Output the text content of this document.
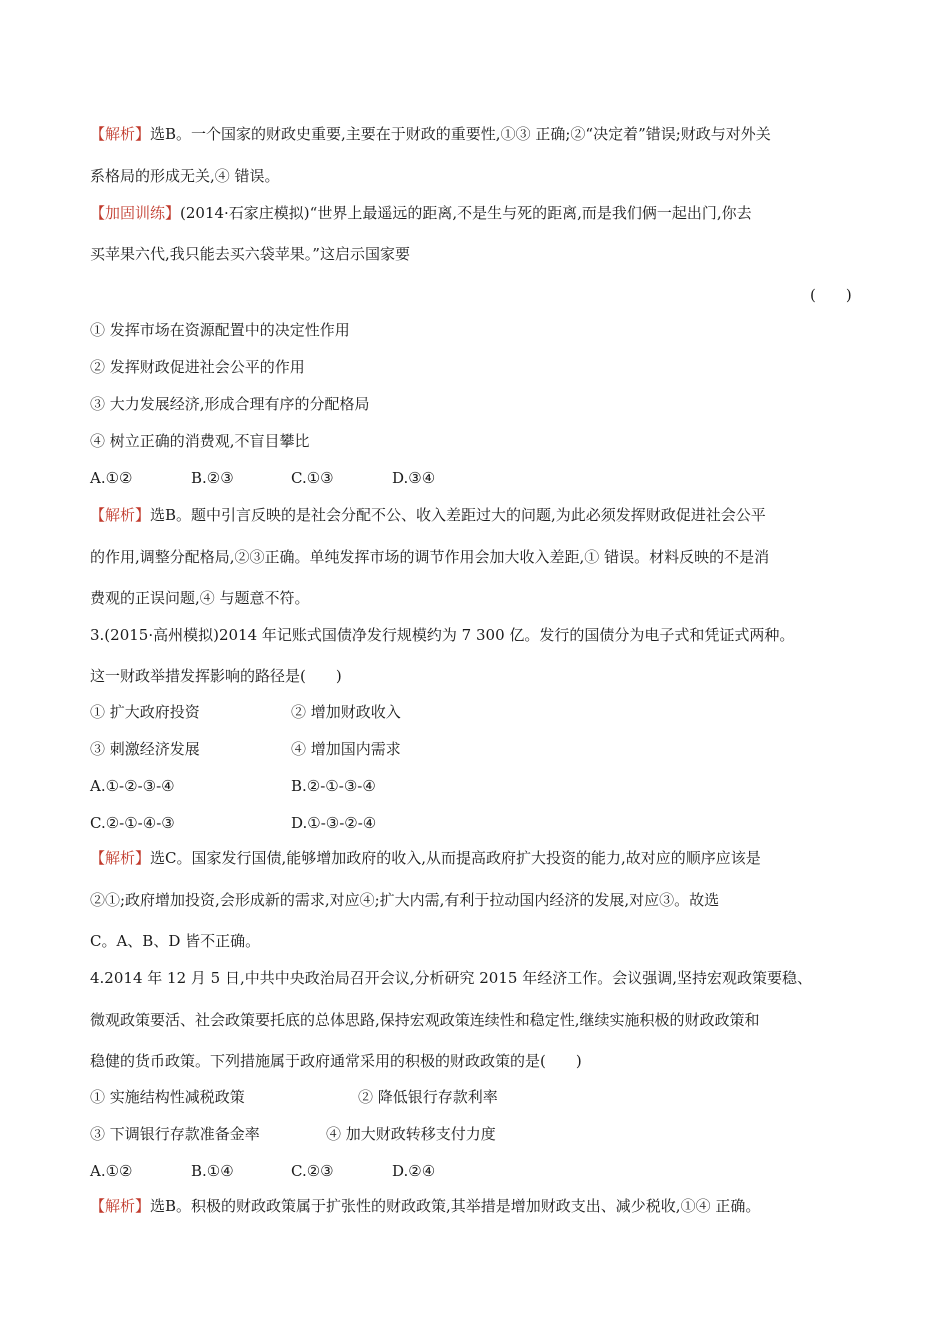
【解析】选B。一个国家的财政史重要,主要在于财政的重要性,①③ 正确;②“决定着”错误;财政与对外关
系格局的形成无关,④ 错误。
【加固训练】(2014·石家庄模拟)“世界上最遥远的距离,不是生与死的距离,而是我们俩一起出门,你去
买苹果六代,我只能去买六袋苹果。”这启示国家要
(　　)
① 发挥市场在资源配置中的决定性作用
② 发挥财政促进社会公平的作用
③ 大力发展经济,形成合理有序的分配格局
④ 树立正确的消费观,不盲目攀比
A.①②	B.②③	C.①③	D.③④
【解析】选B。题中引言反映的是社会分配不公、收入差距过大的问题,为此必须发挥财政促进社会公平
的作用,调整分配格局,②③正确。单纯发挥市场的调节作用会加大收入差距,① 错误。材料反映的不是消
费观的正误问题,④ 与题意不符。
3.(2015·高州模拟)2014 年记账式国债净发行规模约为 7 300 亿。发行的国债分为电子式和凭证式两种。
这一财政举措发挥影响的路径是(　　)
① 扩大政府投资	② 增加财政收入
③ 刺激经济发展	④ 增加国内需求
A.①-②-③-④	B.②-①-③-④
C.②-①-④-③	D.①-③-②-④
【解析】选C。国家发行国债,能够增加政府的收入,从而提高政府扩大投资的能力,故对应的顺序应该是
②①;政府增加投资,会形成新的需求,对应④;扩大内需,有利于拉动国内经济的发展,对应③。故选
C。A、B、D 皆不正确。
4.2014 年 12 月 5 日,中共中央政治局召开会议,分析研究 2015 年经济工作。会议强调,坚持宏观政策要稳、
微观政策要活、社会政策要托底的总体思路,保持宏观政策连续性和稳定性,继续实施积极的财政政策和
稳健的货币政策。下列措施属于政府通常采用的积极的财政政策的是(　　)
① 实施结构性减税政策	② 降低银行存款利率
③ 下调银行存款准备金率	④ 加大财政转移支付力度
A.①②	B.①④	C.②③	D.②④
【解析】选B。积极的财政政策属于扩张性的财政政策,其举措是增加财政支出、减少税收,①④ 正确。
